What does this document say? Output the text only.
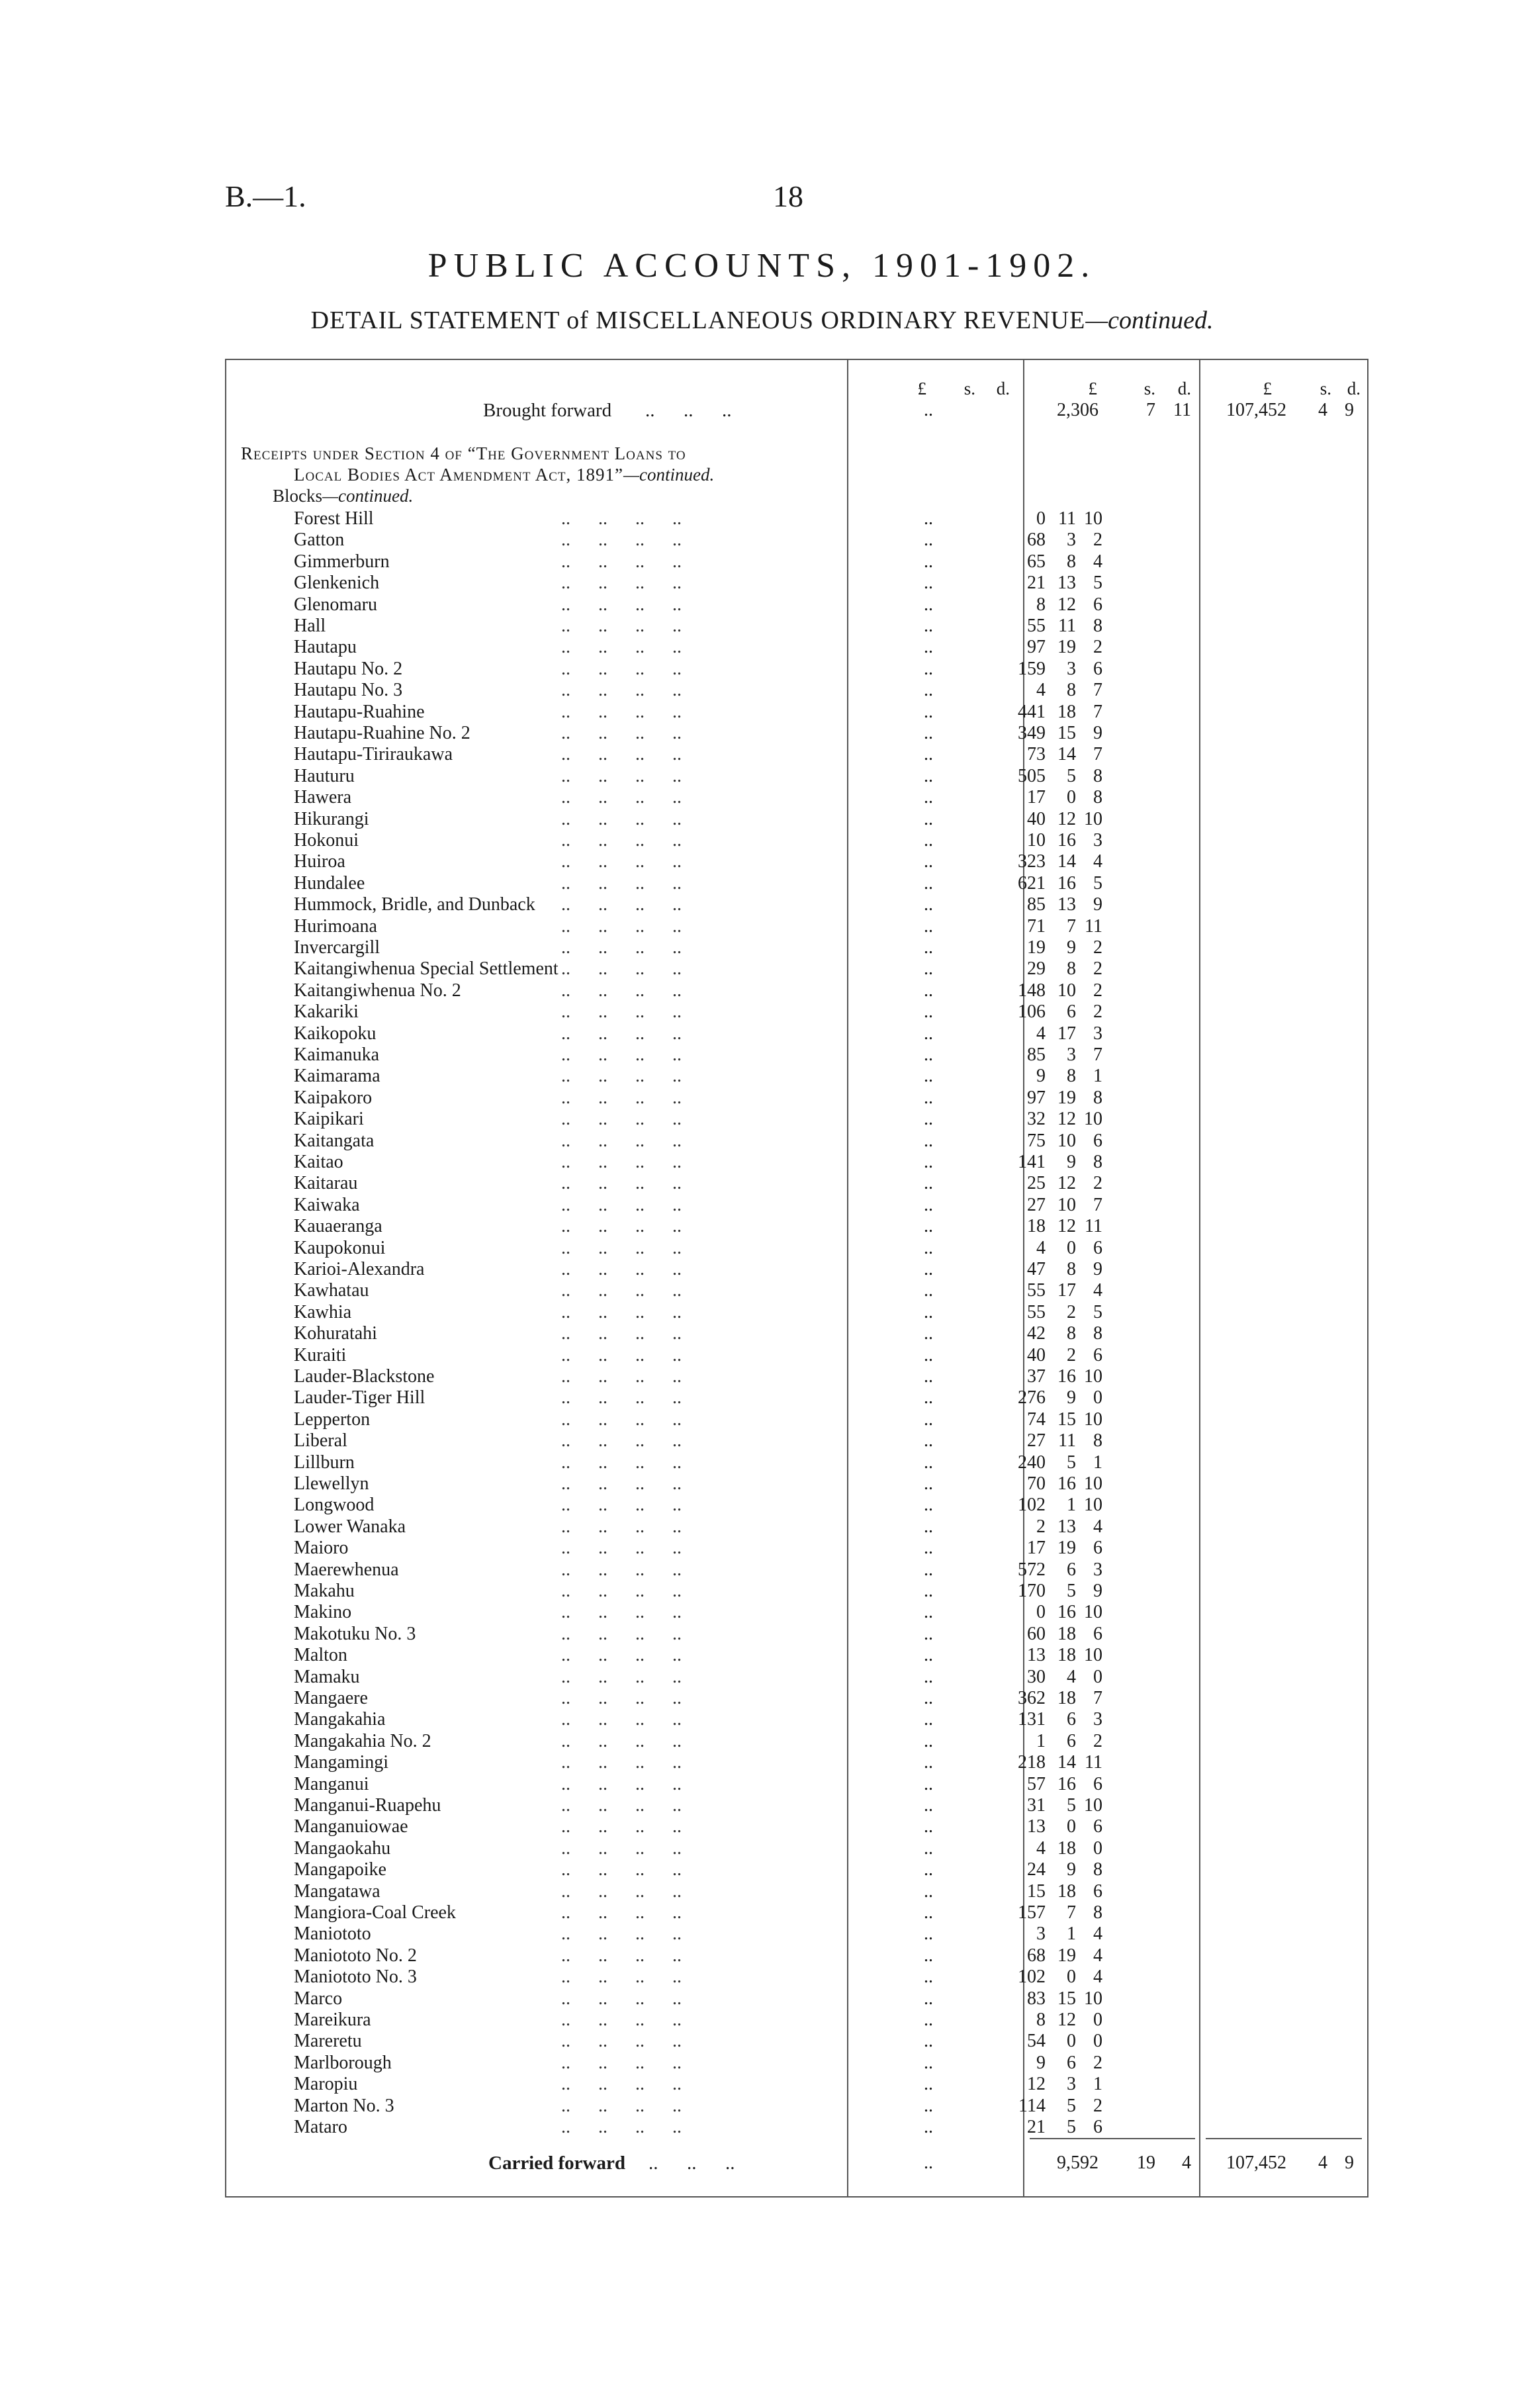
B.—1.	18
PUBLIC ACCOUNTS, 1901-1902.
DETAIL STATEMENT of MISCELLANEOUS ORDINARY REVENUE—continued.
£	s.	d.	£	s.	d.	£	s. d.
Brought forward ..      ..      ..	..	2,306	7 11	107,452	4 9
Receipts under Section 4 of “The Government Loans to
Local Bodies Act Amendment Act, 1891”—continued.
Blocks—continued.
Forest Hill	..      ..      ..      ..	..	0 11 10
Gatton	..      ..      ..      ..	..	68	3 2
Gimmerburn	..      ..      ..      ..	..	65	8 4
Glenkenich	..      ..      ..      ..	..	21 13 5
Glenomaru	..      ..      ..      ..	..	8 12 6
Hall	..      ..      ..      ..	..	55 11 8
Hautapu	..      ..      ..      ..	..	97 19 2
Hautapu No. 2	..      ..      ..      ..	..	159	3 6
Hautapu No. 3	..      ..      ..      ..	..	4	8 7
Hautapu-Ruahine	..      ..      ..      ..	..	441 18 7
Hautapu-Ruahine No. 2	..      ..      ..      ..	..	349 15 9
Hautapu-Tiriraukawa	..      ..      ..      ..	..	73 14 7
Hauturu	..      ..      ..      ..	..	505	5 8
Hawera	..      ..      ..      ..	..	17	0 8
Hikurangi	..      ..      ..      ..	..	40 12 10
Hokonui	..      ..      ..      ..	..	10 16 3
Huiroa	..      ..      ..      ..	..	323 14 4
Hundalee	..      ..      ..      ..	..	621 16 5
Hummock, Bridle, and Dunback ..      ..      ..      ..	..	85 13 9
Hurimoana	..      ..      ..      ..	..	71	7 11
Invercargill	..      ..      ..      ..	..	19	9 2
Kaitangiwhenua Special Settlement ..      ..      ..      ..	..	29	8 2
Kaitangiwhenua No. 2	..      ..      ..      ..	..	148 10 2
Kakariki	..      ..      ..      ..	..	106	6 2
Kaikopoku	..      ..      ..      ..	..	4 17 3
Kaimanuka	..      ..      ..      ..	..	85	3 7
Kaimarama	..      ..      ..      ..	..	9	8 1
Kaipakoro	..      ..      ..      ..	..	97 19 8
Kaipikari	..      ..      ..      ..	..	32 12 10
Kaitangata	..      ..      ..      ..	..	75 10 6
Kaitao	..      ..      ..      ..	..	141	9 8
Kaitarau	..      ..      ..      ..	..	25 12 2
Kaiwaka	..      ..      ..      ..	..	27 10 7
Kauaeranga	..      ..      ..      ..	..	18 12 11
Kaupokonui	..      ..      ..      ..	..	4	0 6
Karioi-Alexandra	..      ..      ..      ..	..	47	8 9
Kawhatau	..      ..      ..      ..	..	55 17 4
Kawhia	..      ..      ..      ..	..	55	2 5
Kohuratahi	..      ..      ..      ..	..	42	8 8
Kuraiti	..      ..      ..      ..	..	40	2 6
Lauder-Blackstone	..      ..      ..      ..	..	37 16 10
Lauder-Tiger Hill	..      ..      ..      ..	..	276	9 0
Lepperton	..      ..      ..      ..	..	74 15 10
Liberal	..      ..      ..      ..	..	27 11 8
Lillburn	..      ..      ..      ..	..	240	5 1
Llewellyn	..      ..      ..      ..	..	70 16 10
Longwood	..      ..      ..      ..	..	102	1 10
Lower Wanaka	..      ..      ..      ..	..	2 13 4
Maioro	..      ..      ..      ..	..	17 19 6
Maerewhenua	..      ..      ..      ..	..	572	6 3
Makahu	..      ..      ..      ..	..	170	5 9
Makino	..      ..      ..      ..	..	0 16 10
Makotuku No. 3	..      ..      ..      ..	..	60 18 6
Malton	..      ..      ..      ..	..	13 18 10
Mamaku	..      ..      ..      ..	..	30	4 0
Mangaere	..      ..      ..      ..	..	362 18 7
Mangakahia	..      ..      ..      ..	..	131	6 3
Mangakahia No. 2	..      ..      ..      ..	..	1	6 2
Mangamingi	..      ..      ..      ..	..	218 14 11
Manganui	..      ..      ..      ..	..	57 16 6
Manganui-Ruapehu	..      ..      ..      ..	..	31	5 10
Manganuiowae	..      ..      ..      ..	..	13	0 6
Mangaokahu	..      ..      ..      ..	..	4 18 0
Mangapoike	..      ..      ..      ..	..	24	9 8
Mangatawa	..      ..      ..      ..	..	15 18 6
Mangiora-Coal Creek	..      ..      ..      ..	..	157	7 8
Maniototo	..      ..      ..      ..	..	3	1 4
Maniototo No. 2	..      ..      ..      ..	..	68 19 4
Maniototo No. 3	..      ..      ..      ..	..	102	0 4
Marco	..      ..      ..      ..	..	83 15 10
Mareikura	..      ..      ..      ..	..	8 12 0
Mareretu	..      ..      ..      ..	..	54	0 0
Marlborough	..      ..      ..      ..	..	9	6 2
Maropiu	..      ..      ..      ..	..	12	3 1
Marton No. 3	..      ..      ..      ..	..	114	5 2
Mataro	..      ..      ..      ..	..	21	5 6
Carried forward ..      ..      ..	..	9,592	19	4	107,452	4 9
